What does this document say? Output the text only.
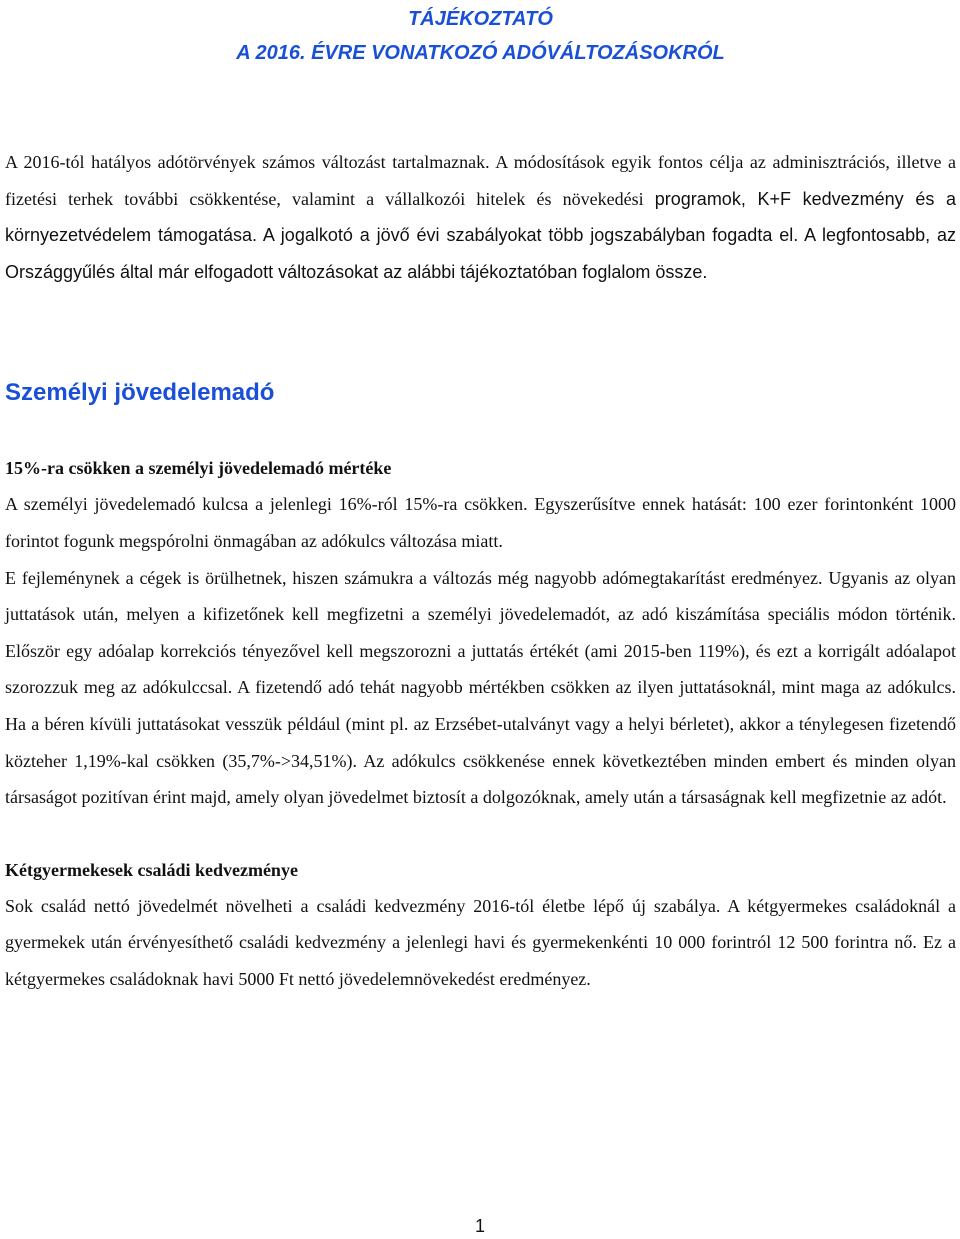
TÁJÉKOZTATÓ
A 2016. ÉVRE VONATKOZÓ ADÓVÁLTOZÁSOKRÓL

A 2016-tól hatályos adótörvények számos változást tartalmaznak. A módosítások egyik fontos célja az adminisztrációs, illetve a fizetési terhek további csökkentése, valamint a vállalkozói hitelek és növekedési programok, K+F kedvezmény és a környezetvédelem támogatása. A jogalkotó a jövő évi szabályokat több jogszabályban fogadta el. A legfontosabb, az Országgyűlés által már elfogadott változásokat az alábbi tájékoztatóban foglalom össze.

Személyi jövedelemadó
15%-ra csökken a személyi jövedelemadó mértéke

A személyi jövedelemadó kulcsa a jelenlegi 16%-ról 15%-ra csökken. Egyszerűsítve ennek hatását: 100 ezer forintonként 1000 forintot fogunk megspórolni önmagában az adókulcs változása miatt.

E fejleménynek a cégek is örülhetnek, hiszen számukra a változás még nagyobb adómegtakarítást eredményez. Ugyanis az olyan juttatások után, melyen a kifizetőnek kell megfizetni a személyi jövedelemadót, az adó kiszámítása speciális módon történik. Először egy adóalap korrekciós tényezővel kell megszorozni a juttatás értékét (ami 2015-ben 119%), és ezt a korrigált adóalapot szorozzuk meg az adókulccsal. A fizetendő adó tehát nagyobb mértékben csökken az ilyen juttatásoknál, mint maga az adókulcs. Ha a béren kívüli juttatásokat vesszük például (mint pl. az Erzsébet-utalványt vagy a helyi bérletet), akkor a ténylegesen fizetendő közteher 1,19%-kal csökken (35,7%->34,51%). Az adókulcs csökkenése ennek következtében minden embert és minden olyan társaságot pozitívan érint majd, amely olyan jövedelmet biztosít a dolgozóknak, amely után a társaságnak kell megfizetnie az adót.

Kétgyermekesek családi kedvezménye

Sok család nettó jövedelmét növelheti a családi kedvezmény 2016-tól életbe lépő új szabálya. A kétgyermekes családoknál a gyermekek után érvényesíthető családi kedvezmény a jelenlegi havi és gyermekenkénti 10 000 forintról 12 500 forintra nő. Ez a kétgyermekes családoknak havi 5000 Ft nettó jövedelemnövekedést eredményez.

1
